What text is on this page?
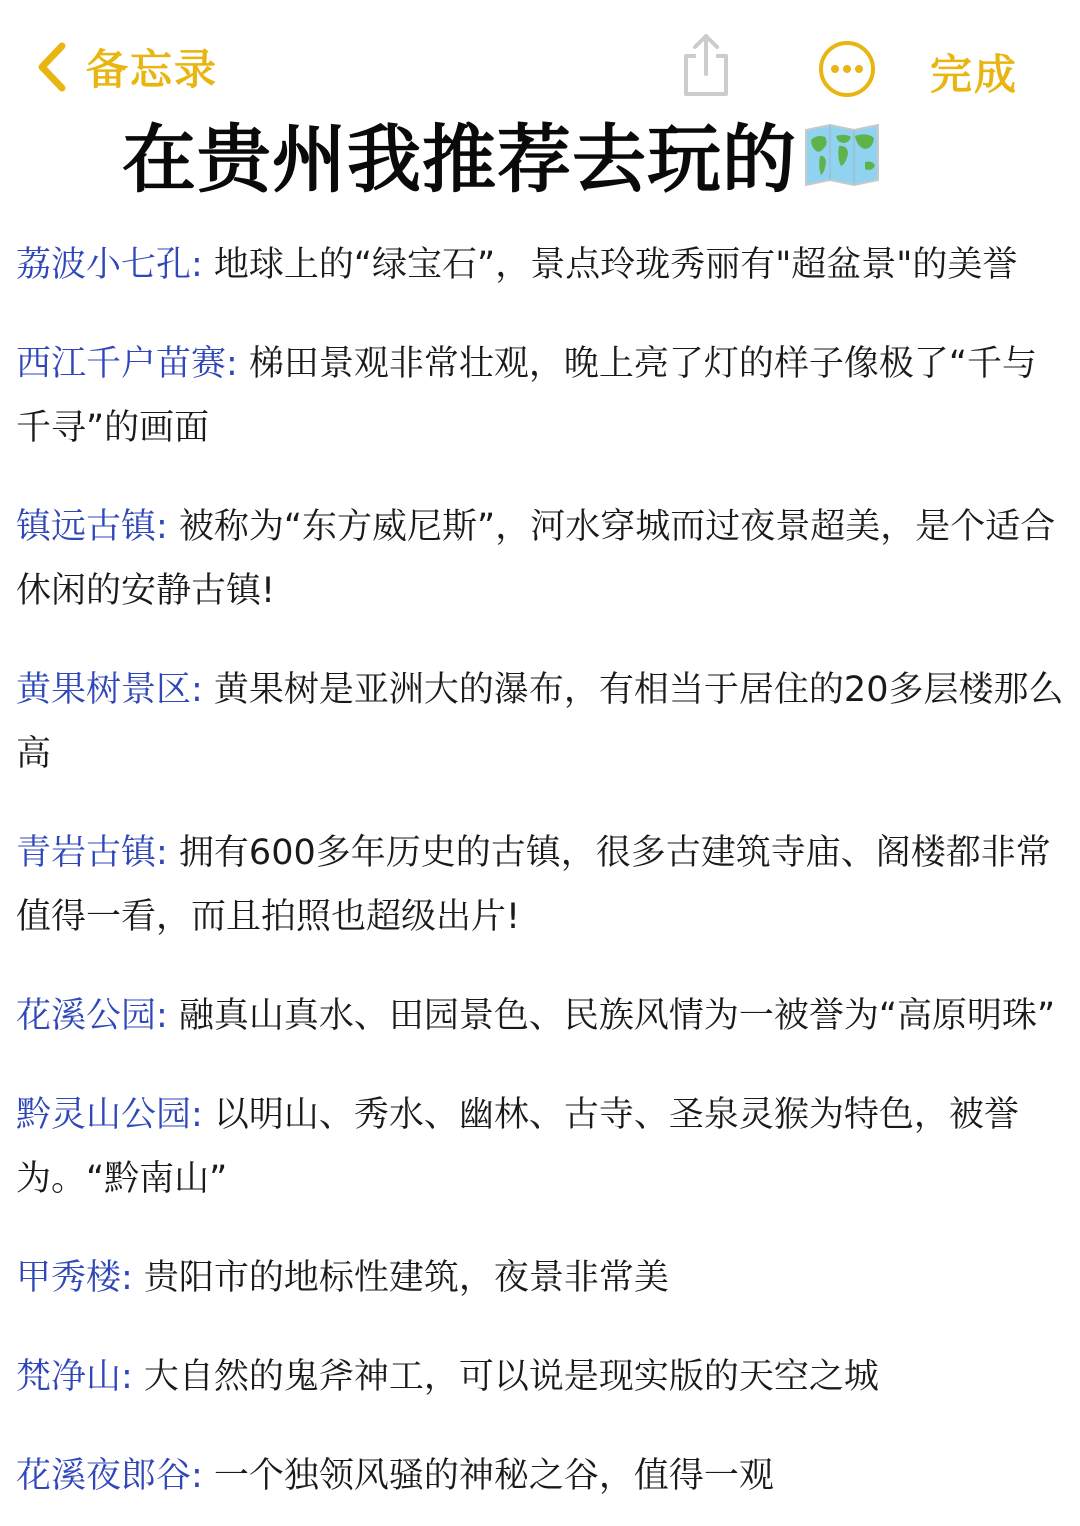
备忘录	完成
在贵州我推荐去玩的

荔波小七孔: 地球上的“绿宝石”，景点玲珑秀丽有"超盆景"的美誉

西江千户苗赛: 梯田景观非常壮观，晚上亮了灯的样子像极了“千与千寻”的画面

镇远古镇: 被称为“东方威尼斯”，河水穿城而过夜景超美，是个适合休闲的安静古镇!

黄果树景区: 黄果树是亚洲大的瀑布，有相当于居住的20多层楼那么高

青岩古镇: 拥有600多年历史的古镇，很多古建筑寺庙、阁楼都非常值得一看，而且拍照也超级出片!

花溪公园: 融真山真水、田园景色、民族风情为一被誉为“高原明珠”

黔灵山公园: 以明山、秀水、幽林、古寺、圣泉灵猴为特色，被誉为。“黔南山”

甲秀楼: 贵阳市的地标性建筑，夜景非常美

梵净山: 大自然的鬼斧神工，可以说是现实版的天空之城

花溪夜郎谷: 一个独领风骚的神秘之谷，值得一观
